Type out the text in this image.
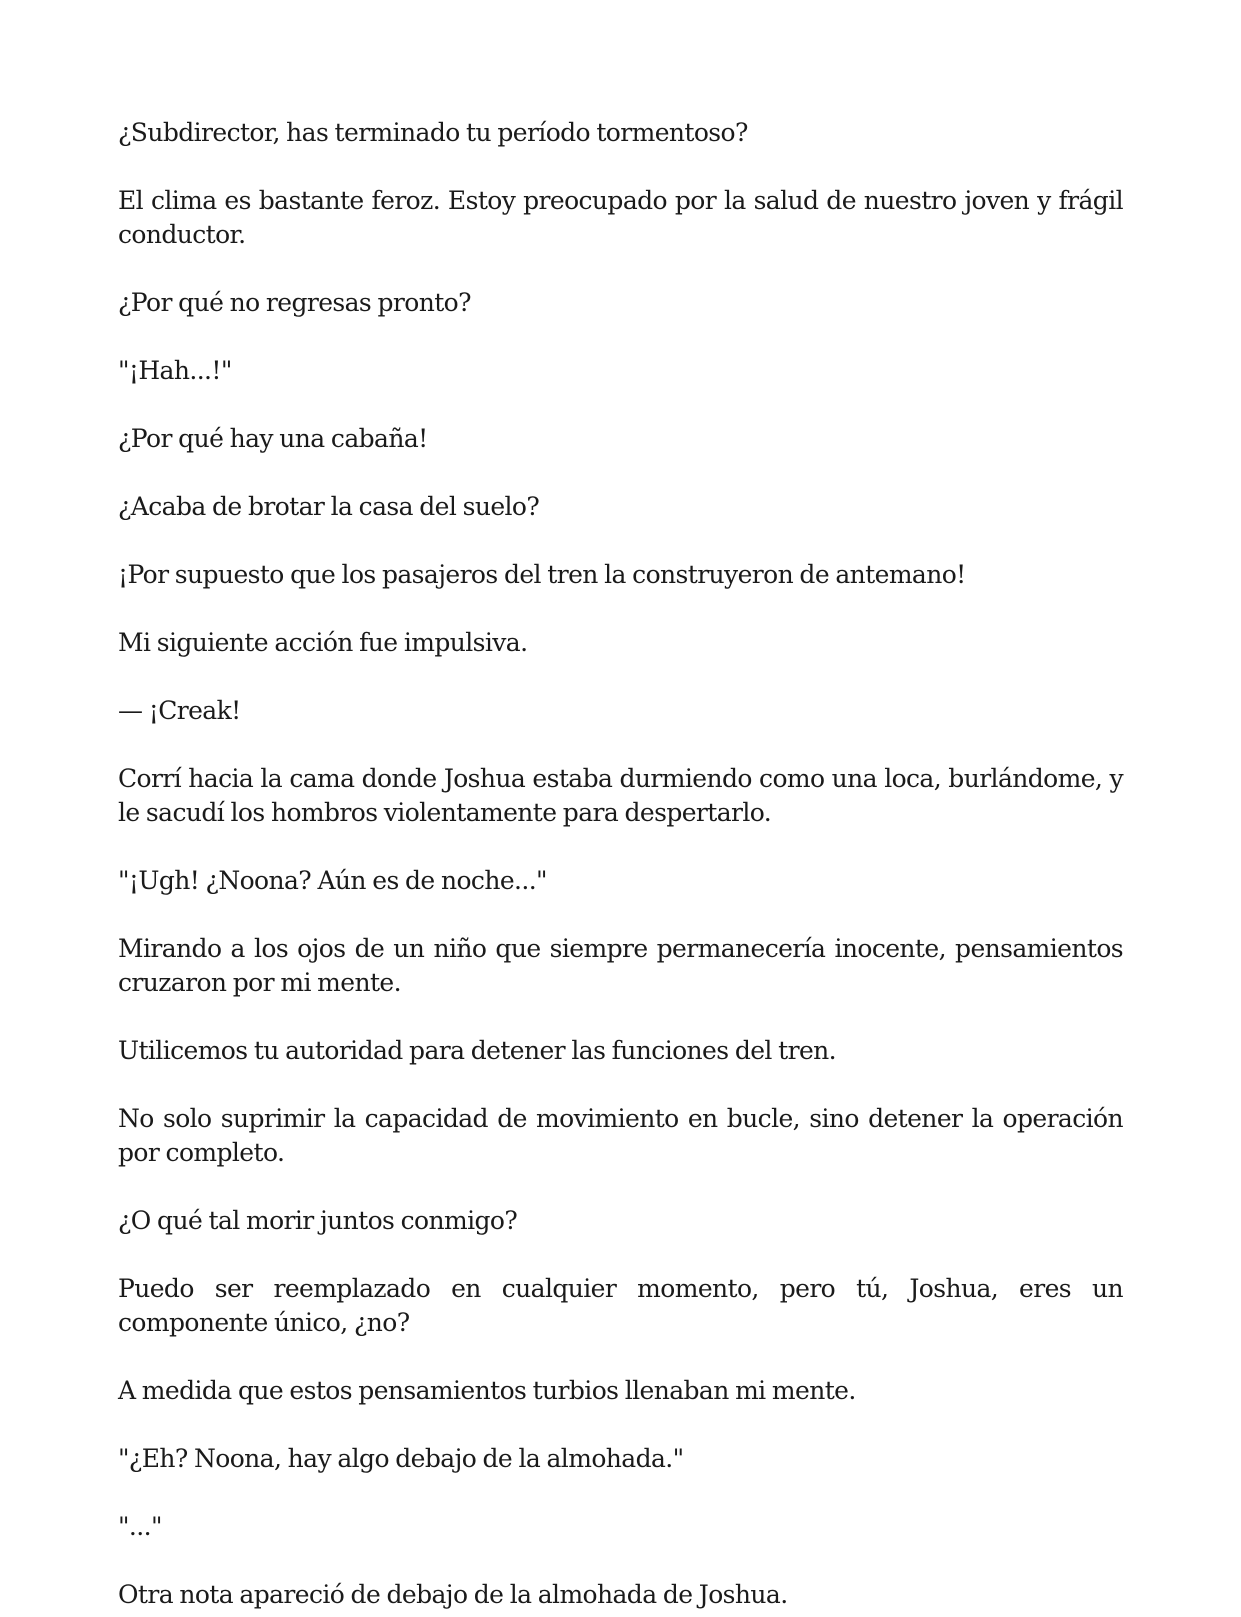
¿Subdirector, has terminado tu período tormentoso?

El clima es bastante feroz. Estoy preocupado por la salud de nuestro joven y frágil conductor.

¿Por qué no regresas pronto?

"¡Hah...!"

¿Por qué hay una cabaña!

¿Acaba de brotar la casa del suelo?

¡Por supuesto que los pasajeros del tren la construyeron de antemano!

Mi siguiente acción fue impulsiva.

— ¡Creak!

Corrí hacia la cama donde Joshua estaba durmiendo como una loca, burlándome, y le sacudí los hombros violentamente para despertarlo.

"¡Ugh! ¿Noona? Aún es de noche..."

Mirando a los ojos de un niño que siempre permanecería inocente, pensamientos cruzaron por mi mente.

Utilicemos tu autoridad para detener las funciones del tren.

No solo suprimir la capacidad de movimiento en bucle, sino detener la operación por completo.

¿O qué tal morir juntos conmigo?

Puedo ser reemplazado en cualquier momento, pero tú, Joshua, eres un componente único, ¿no?

A medida que estos pensamientos turbios llenaban mi mente.

"¿Eh? Noona, hay algo debajo de la almohada."

"..."

Otra nota apareció de debajo de la almohada de Joshua.
